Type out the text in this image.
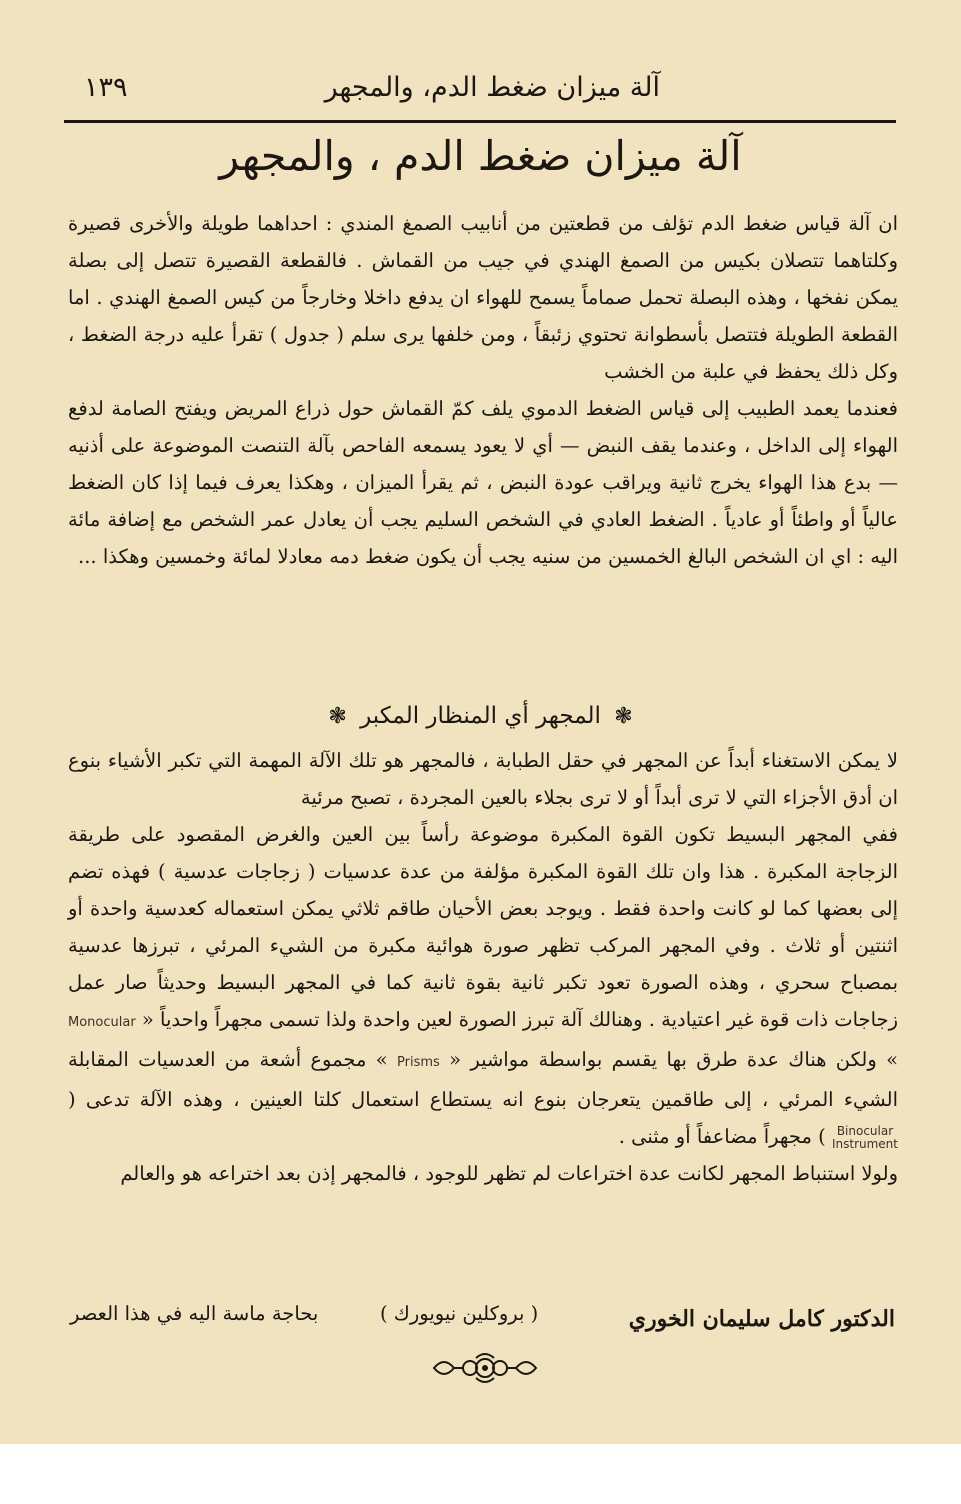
آلة ميزان ضغط الدم، والمجهر
١٣٩
آلة ميزان ضغط الدم ، والمجهر

ان آلة قياس ضغط الدم تؤلف من قطعتين من أنابيب الصمغ المندي : احداهما طويلة والأخرى قصيرة وكلتاهما تتصلان بكيس من الصمغ الهندي في جيب من القماش . فالقطعة القصيرة تتصل إلى بصلة يمكن نفخها ، وهذه البصلة تحمل صماماً يسمح للهواء ان يدفع داخلا وخارجاً من كيس الصمغ الهندي . اما القطعة الطويلة فتتصل بأسطوانة تحتوي زئبقاً ، ومن خلفها يرى سلم ( جدول ) تقرأ عليه درجة الضغط ، وكل ذلك يحفظ في علبة من الخشب

فعندما يعمد الطبيب إلى قياس الضغط الدموي يلف كمّ القماش حول ذراع المريض ويفتح الصامة لدفع الهواء إلى الداخل ، وعندما يقف النبض — أي لا يعود يسمعه الفاحص بآلة التنصت الموضوعة على أذنيه — بدع هذا الهواء يخرج ثانية ويراقب عودة النبض ، ثم يقرأ الميزان ، وهكذا يعرف فيما إذا كان الضغط عالياً أو واطئاً أو عادياً . الضغط العادي في الشخص السليم يجب أن يعادل عمر الشخص مع إضافة مائة اليه : اي ان الشخص البالغ الخمسين من سنيه يجب أن يكون ضغط دمه معادلا لمائة وخمسين وهكذا ...

❃ المجهر أي المنظار المكبر ❃

لا يمكن الاستغناء أبداً عن المجهر في حقل الطبابة ، فالمجهر هو تلك الآلة المهمة التي تكبر الأشياء بنوع ان أدق الأجزاء التي لا ترى أبداً أو لا ترى بجلاء بالعين المجردة ، تصبح مرئية

ففي المجهر البسيط تكون القوة المكبرة موضوعة رأساً بين العين والغرض المقصود على طريقة الزجاجة المكبرة . هذا وان تلك القوة المكبرة مؤلفة من عدة عدسيات ( زجاجات عدسية ) فهذه تضم إلى بعضها كما لو كانت واحدة فقط . ويوجد بعض الأحيان طاقم ثلاثي يمكن استعماله كعدسية واحدة أو اثنتين أو ثلاث . وفي المجهر المركب تظهر صورة هوائية مكبرة من الشيء المرئي ، تبرزها عدسية بمصباح سحري ، وهذه الصورة تعود تكبر ثانية بقوة ثانية كما في المجهر البسيط وحديثاً صار عمل زجاجات ذات قوة غير اعتيادية . وهنالك آلة تبرز الصورة لعين واحدة ولذا تسمى مجهراً واحدياً « Monocular » ولكن هناك عدة طرق بها يقسم بواسطة مواشير « Prisms » مجموع أشعة من العدسيات المقابلة الشيء المرئي ، إلى طاقمين يتعرجان بنوع انه يستطاع استعمال كلتا العينين ، وهذه الآلة تدعى ( Binocular
Instrument ) مجهراً مضاعفاً أو مثنى .

ولولا استنباط المجهر لكانت عدة اختراعات لم تظهر للوجود ، فالمجهر إذن بعد اختراعه هو والعالم

بحاجة ماسة اليه في هذا العصر	( بروكلين نيويورك )	الدكتور كامل سليمان الخوري
